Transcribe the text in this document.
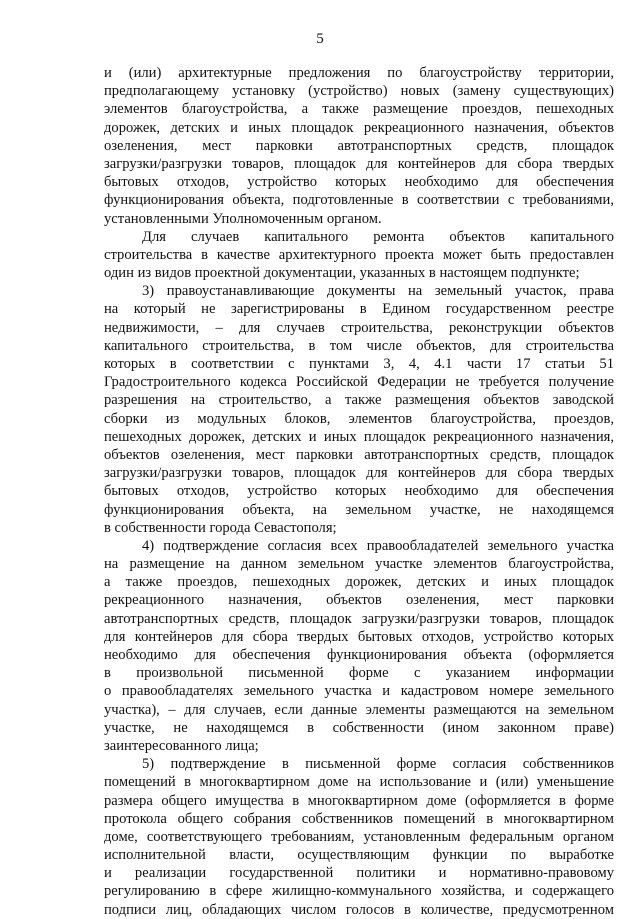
5
и (или) архитектурные предложения по благоустройству территории,
предполагающему установку (устройство) новых (замену существующих)
элементов благоустройства, а также размещение проездов, пешеходных
дорожек, детских и иных площадок рекреационного назначения, объектов
озеленения, мест парковки автотранспортных средств, площадок
загрузки/разгрузки товаров, площадок для контейнеров для сбора твердых
бытовых отходов, устройство которых необходимо для обеспечения
функционирования объекта, подготовленные в соответствии с требованиями,
установленными Уполномоченным органом.
Для случаев капитального ремонта объектов капитального
строительства в качестве архитектурного проекта может быть предоставлен
один из видов проектной документации, указанных в настоящем подпункте;
3) правоустанавливающие документы на земельный участок, права
на который не зарегистрированы в Едином государственном реестре
недвижимости, – для случаев строительства, реконструкции объектов
капитального строительства, в том числе объектов, для строительства
которых в соответствии с пунктами 3, 4, 4.1 части 17 статьи 51
Градостроительного кодекса Российской Федерации не требуется получение
разрешения на строительство, а также размещения объектов заводской
сборки из модульных блоков, элементов благоустройства, проездов,
пешеходных дорожек, детских и иных площадок рекреационного назначения,
объектов озеленения, мест парковки автотранспортных средств, площадок
загрузки/разгрузки товаров, площадок для контейнеров для сбора твердых
бытовых отходов, устройство которых необходимо для обеспечения
функционирования объекта, на земельном участке, не находящемся
в собственности города Севастополя;
4) подтверждение согласия всех правообладателей земельного участка
на размещение на данном земельном участке элементов благоустройства,
а также проездов, пешеходных дорожек, детских и иных площадок
рекреационного назначения, объектов озеленения, мест парковки
автотранспортных средств, площадок загрузки/разгрузки товаров, площадок
для контейнеров для сбора твердых бытовых отходов, устройство которых
необходимо для обеспечения функционирования объекта (оформляется
в произвольной письменной форме с указанием информации
о правообладателях земельного участка и кадастровом номере земельного
участка), – для случаев, если данные элементы размещаются на земельном
участке, не находящемся в собственности (ином законном праве)
заинтересованного лица;
5) подтверждение в письменной форме согласия собственников
помещений в многоквартирном доме на использование и (или) уменьшение
размера общего имущества в многоквартирном доме (оформляется в форме
протокола общего собрания собственников помещений в многоквартирном
доме, соответствующего требованиям, установленным федеральным органом
исполнительной власти, осуществляющим функции по выработке
и реализации государственной политики и нормативно-правовому
регулированию в сфере жилищно-коммунального хозяйства, и содержащего
подписи лиц, обладающих числом голосов в количестве, предусмотренном
